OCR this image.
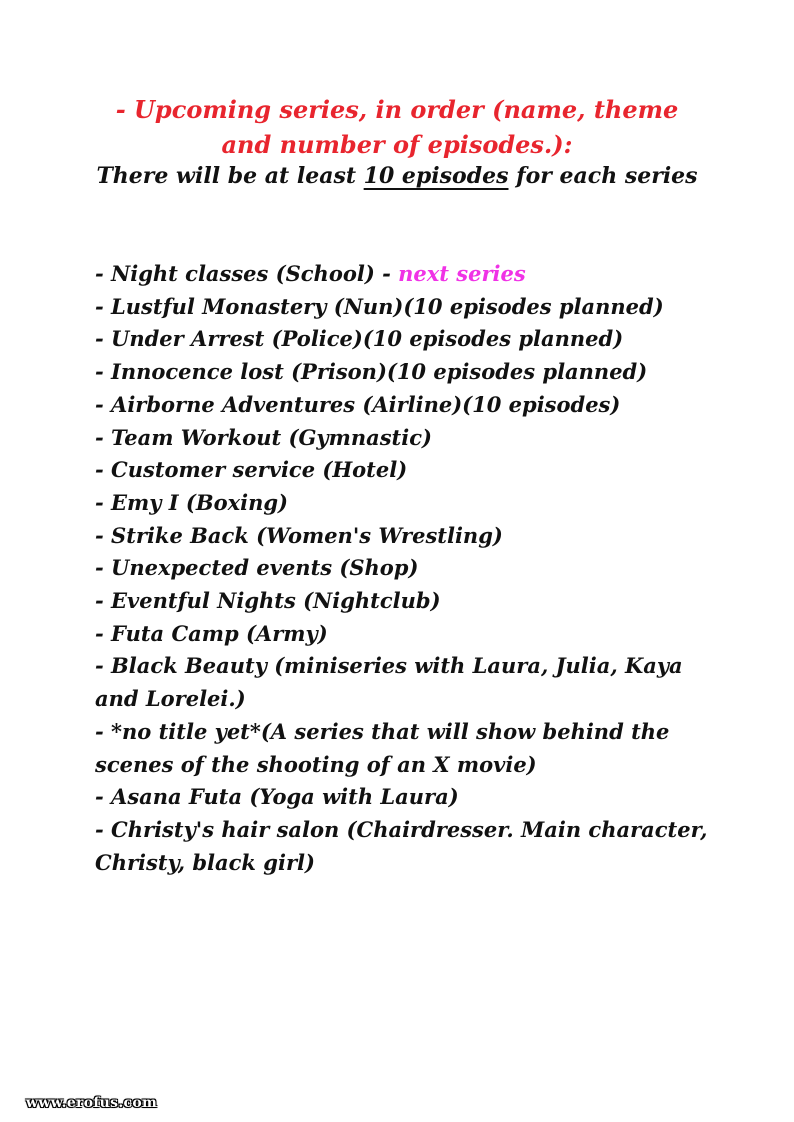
- Upcoming series, in order (name, theme and number of episodes.):
There will be at least 10 episodes for each series
- Night classes (School) - next series
- Lustful Monastery (Nun)(10 episodes planned)
- Under Arrest (Police)(10 episodes planned)
- Innocence lost (Prison)(10 episodes planned)
- Airborne Adventures (Airline)(10 episodes)
- Team Workout (Gymnastic)
- Customer service (Hotel)
- Emy I (Boxing)
- Strike Back (Women's Wrestling)
- Unexpected events (Shop)
- Eventful Nights (Nightclub)
- Futa Camp (Army)
- Black Beauty (miniseries with Laura, Julia, Kaya and Lorelei.)
- *no title yet*(A series that will show behind the scenes of the shooting of an X movie)
- Asana Futa (Yoga with Laura)
- Christy's hair salon (Chairdresser. Main character, Christy, black girl)
www.erofus.com
